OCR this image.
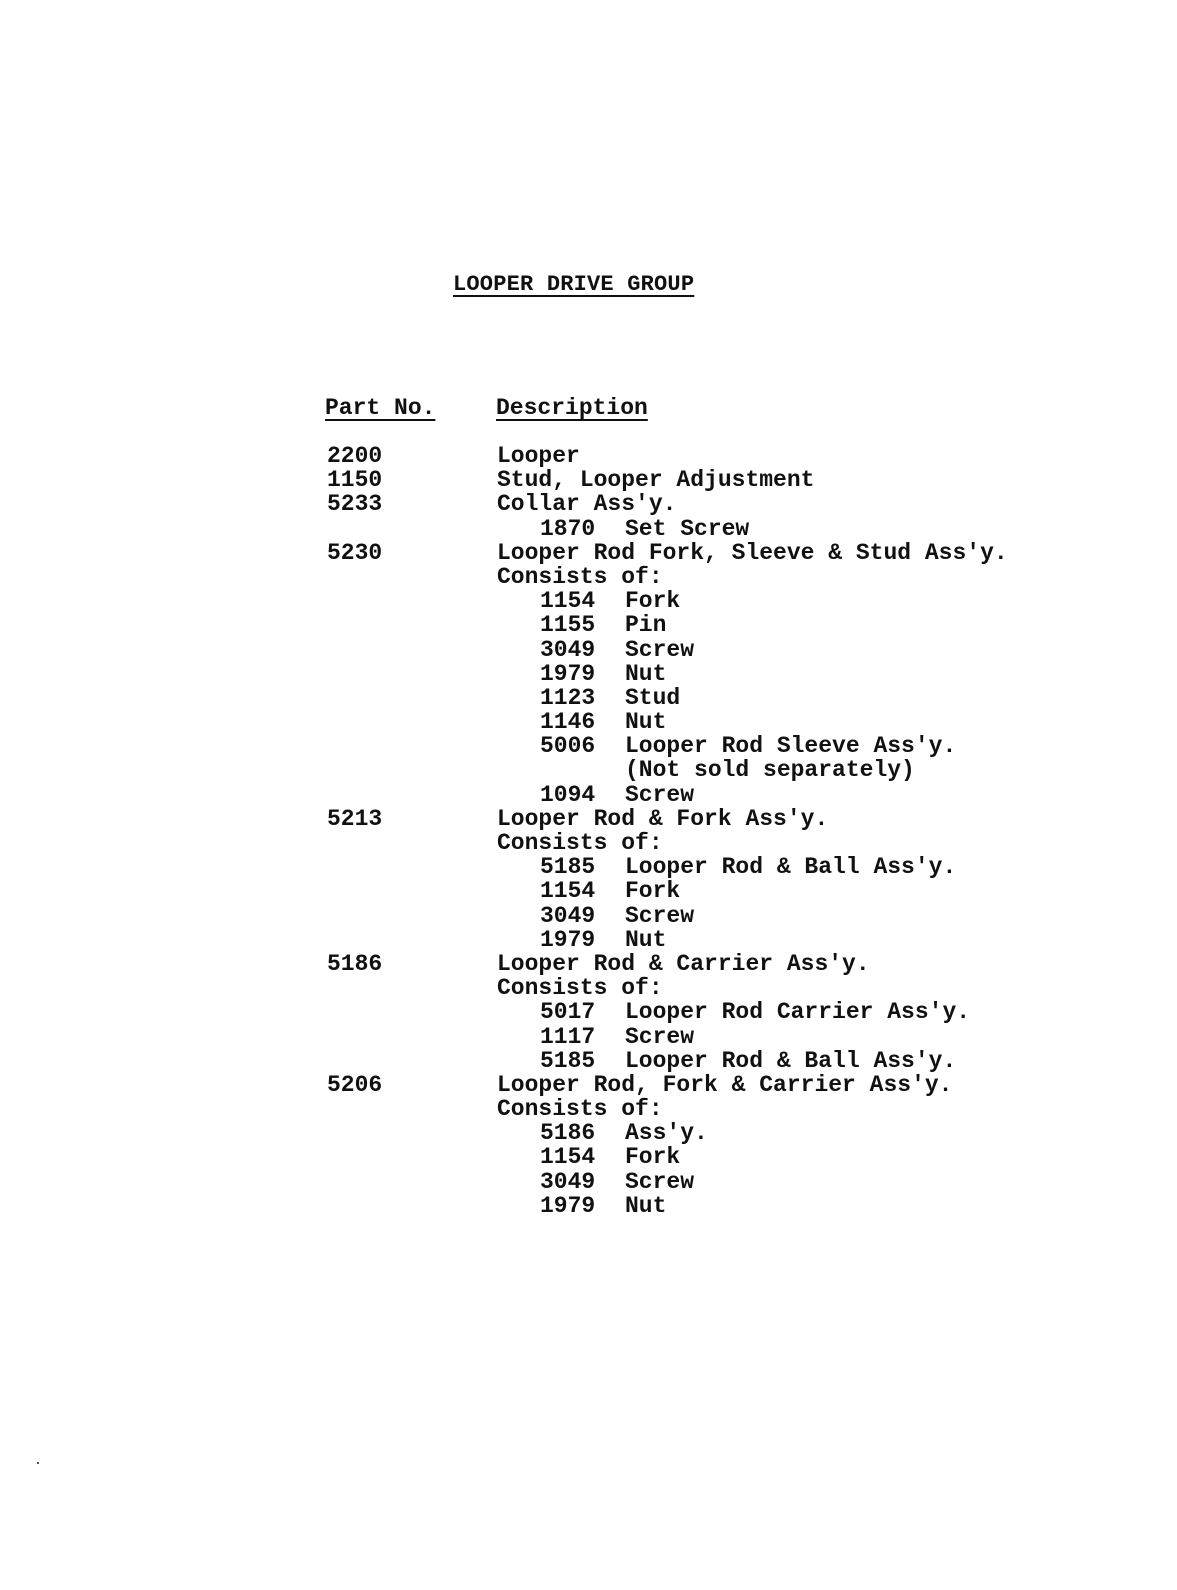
LOOPER DRIVE GROUP
Part No.	Description
2200	Looper
1150	Stud, Looper Adjustment
5233	Collar Ass'y.
1870 Set Screw
5230	Looper Rod Fork, Sleeve & Stud Ass'y.
Consists of:
1154 Fork
1155 Pin
3049 Screw
1979 Nut
1123 Stud
1146 Nut
5006 Looper Rod Sleeve Ass'y.
(Not sold separately)
1094 Screw
5213	Looper Rod & Fork Ass'y.
Consists of:
5185 Looper Rod & Ball Ass'y.
1154 Fork
3049 Screw
1979 Nut
5186	Looper Rod & Carrier Ass'y.
Consists of:
5017 Looper Rod Carrier Ass'y.
1117 Screw
5185 Looper Rod & Ball Ass'y.
5206	Looper Rod, Fork & Carrier Ass'y.
Consists of:
5186 Ass'y.
1154 Fork
3049 Screw
1979 Nut
